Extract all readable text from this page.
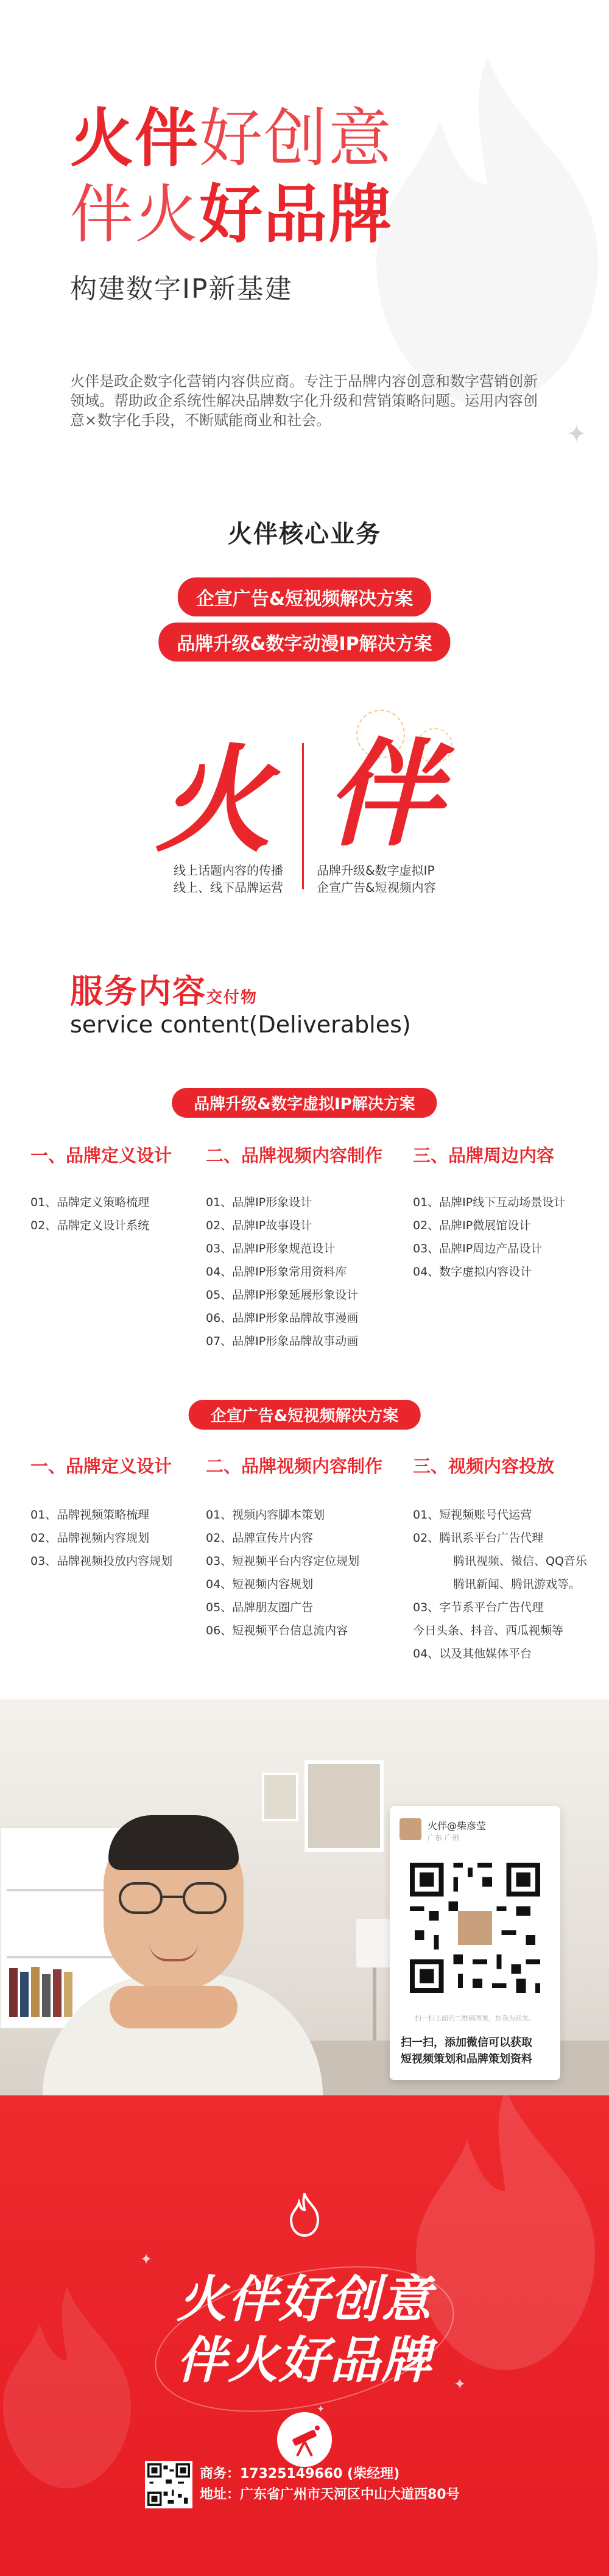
火伴好创意
伴火好品牌
构建数字IP新基建
火伴是政企数字化营销内容供应商。专注于品牌内容创意和数字营销创新领域。帮助政企系统性解决品牌数字化升级和营销策略问题。运用内容创意×数字化手段，不断赋能商业和社会。	✦
火伴核心业务
企宣广告&短视频解决方案
品牌升级&数字动漫IP解决方案
火 伴
线上话题内容的传播
线上、线下品牌运营
品牌升级&数字虚拟IP
企宣广告&短视频内容
服务内容交付物
service content(Deliverables)
品牌升级&数字虚拟IP解决方案
一、品牌定义设计
01、品牌定义策略梳理
02、品牌定义设计系统
二、品牌视频内容制作
01、品牌IP形象设计
02、品牌IP故事设计
03、品牌IP形象规范设计
04、品牌IP形象常用资料库
05、品牌IP形象延展形象设计
06、品牌IP形象品牌故事漫画
07、品牌IP形象品牌故事动画
三、品牌周边内容
01、品牌IP线下互动场景设计
02、品牌IP微展馆设计
03、品牌IP周边产品设计
04、数字虚拟内容设计
企宣广告&短视频解决方案
一、品牌定义设计
01、品牌视频策略梳理
02、品牌视频内容规划
03、品牌视频投放内容规划
二、品牌视频内容制作
01、视频内容脚本策划
02、品牌宣传片内容
03、短视频平台内容定位规划
04、短视频内容规划
05、品牌朋友圈广告
06、短视频平台信息流内容
三、视频内容投放
01、短视频账号代运营
02、腾讯系平台广告代理
腾讯视频、微信、QQ音乐
腾讯新闻、腾讯游戏等。
03、字节系平台广告代理
今日头条、抖音、西瓜视频等
04、以及其他媒体平台
火伴@柴彦莹
广东 广州
扫一扫上面的二维码图案，加我为朋友。
扫一扫，添加微信可以获取
短视频策划和品牌策划资料
火伴好创意
伴火好品牌
✦
✦
✦
商务：17325149660 (柴经理)
地址：广东省广州市天河区中山大道西80号
